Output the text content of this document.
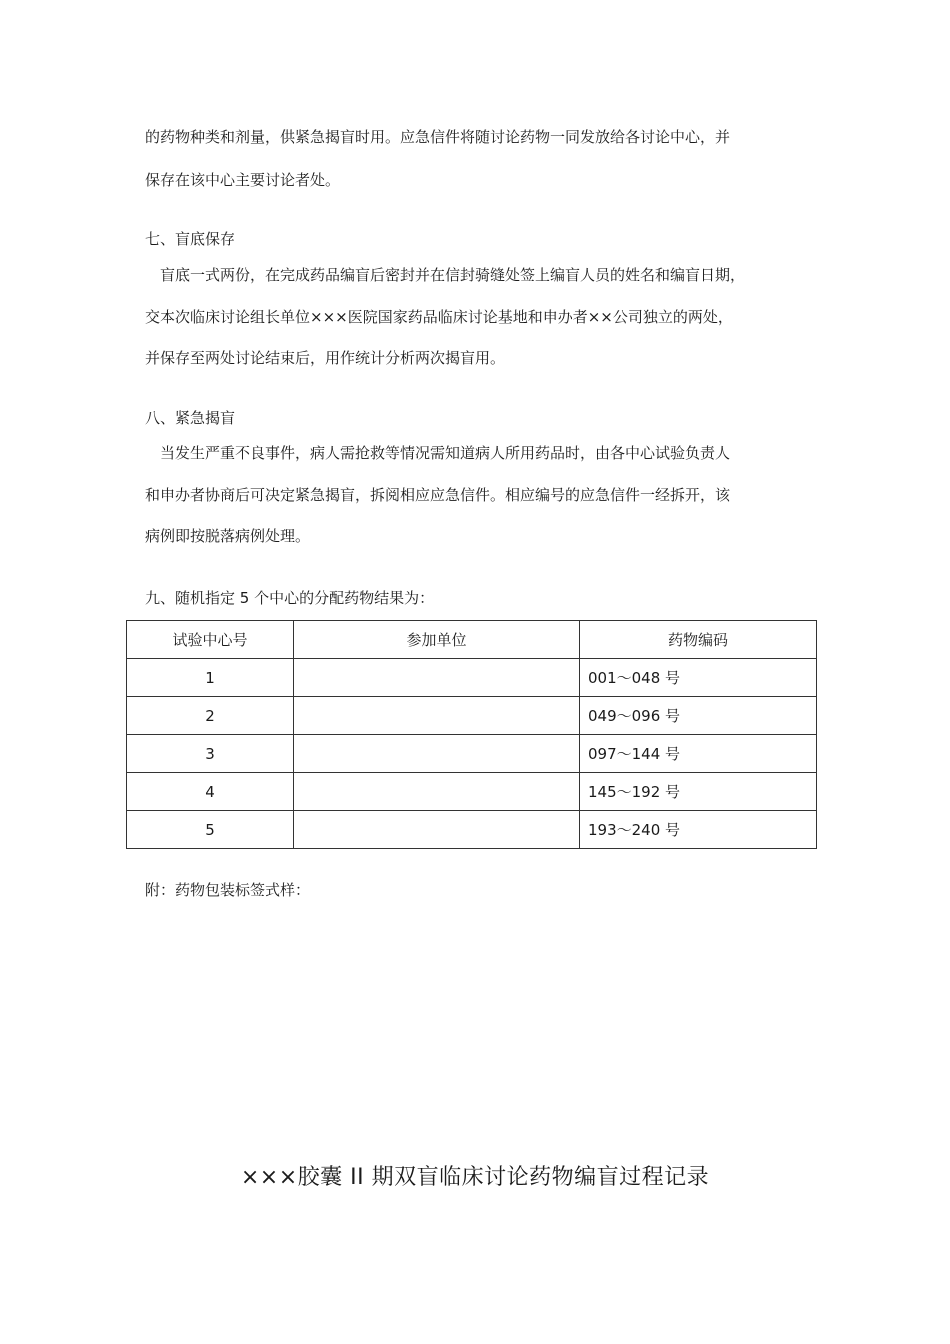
的药物种类和剂量，供紧急揭盲时用。应急信件将随讨论药物一同发放给各讨论中心，并
保存在该中心主要讨论者处。
七、盲底保存
盲底一式两份，在完成药品编盲后密封并在信封骑缝处签上编盲人员的姓名和编盲日期，
交本次临床讨论组长单位×××医院国家药品临床讨论基地和申办者××公司独立的两处，
并保存至两处讨论结束后，用作统计分析两次揭盲用。
八、紧急揭盲
当发生严重不良事件，病人需抢救等情况需知道病人所用药品时，由各中心试验负责人
和申办者协商后可决定紧急揭盲，拆阅相应应急信件。相应编号的应急信件一经拆开，该
病例即按脱落病例处理。
九、随机指定 5 个中心的分配药物结果为：
试验中心号	参加单位	药物编码
1		001～048 号
2		049～096 号
3		097～144 号
4		145～192 号
5		193～240 号
附：药物包装标签式样：
×××胶囊 II 期双盲临床讨论药物编盲过程记录
